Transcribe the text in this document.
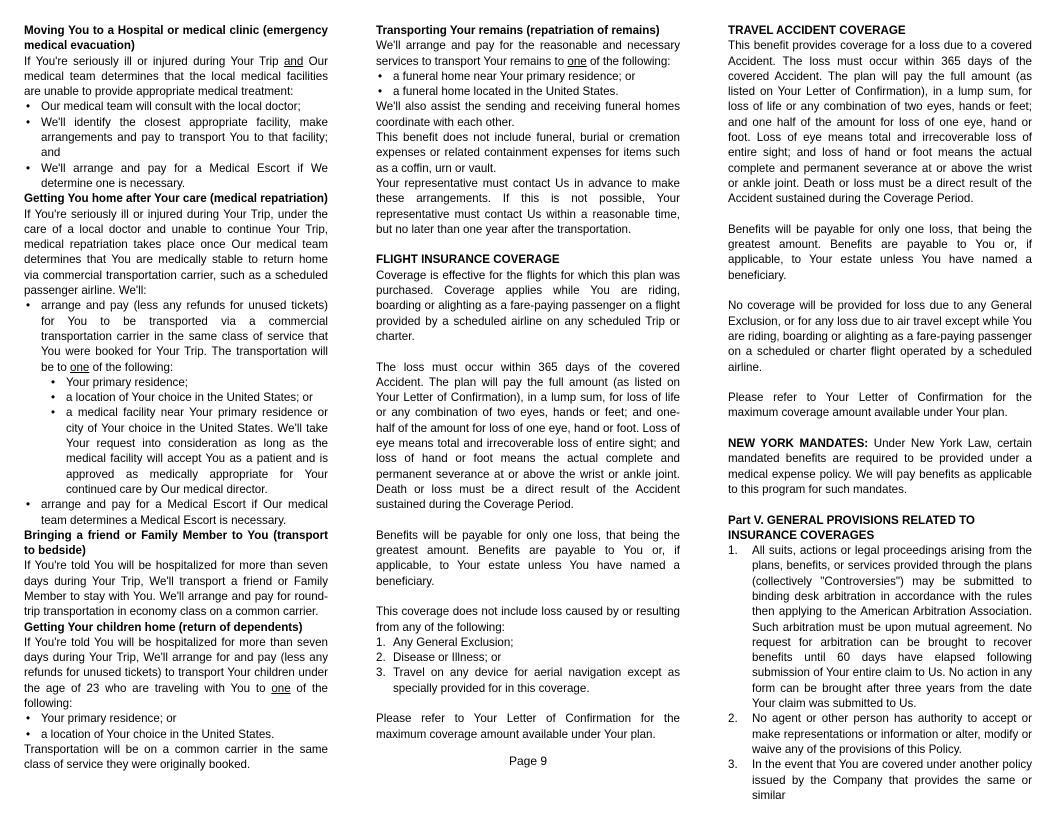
Moving You to a Hospital or medical clinic (emergency medical evacuation)

If You're seriously ill or injured during Your Trip and Our medical team determines that the local medical facilities are unable to provide appropriate medical treatment:

• Our medical team will consult with the local doctor;
• We'll identify the closest appropriate facility, make arrangements and pay to transport You to that facility; and
• We'll arrange and pay for a Medical Escort if We determine one is necessary.

Getting You home after Your care (medical repatriation)

If You're seriously ill or injured during Your Trip, under the care of a local doctor and unable to continue Your Trip, medical repatriation takes place once Our medical team determines that You are medically stable to return home via commercial transportation carrier, such as a scheduled passenger airline. We'll:

• arrange and pay (less any refunds for unused tickets) for You to be transported via a commercial transportation carrier in the same class of service that You were booked for Your Trip. The transportation will be to one of the following:
• Your primary residence;
• a location of Your choice in the United States; or
• a medical facility near Your primary residence or city of Your choice in the United States. We'll take Your request into consideration as long as the medical facility will accept You as a patient and is approved as medically appropriate for Your continued care by Our medical director.
• arrange and pay for a Medical Escort if Our medical team determines a Medical Escort is necessary.

Bringing a friend or Family Member to You (transport to bedside)

If You're told You will be hospitalized for more than seven days during Your Trip, We'll transport a friend or Family Member to stay with You. We'll arrange and pay for round-trip transportation in economy class on a common carrier.

Getting Your children home (return of dependents)

If You're told You will be hospitalized for more than seven days during Your Trip, We'll arrange for and pay (less any refunds for unused tickets) to transport Your children under the age of 23 who are traveling with You to one of the following:

• Your primary residence; or
• a location of Your choice in the United States.

Transportation will be on a common carrier in the same class of service they were originally booked.

Transporting Your remains (repatriation of remains)

We'll arrange and pay for the reasonable and necessary services to transport Your remains to one of the following:

• a funeral home near Your primary residence; or
• a funeral home located in the United States.

We'll also assist the sending and receiving funeral homes coordinate with each other.

This benefit does not include funeral, burial or cremation expenses or related containment expenses for items such as a coffin, urn or vault.

Your representative must contact Us in advance to make these arrangements. If this is not possible, Your representative must contact Us within a reasonable time, but no later than one year after the transportation.

FLIGHT INSURANCE COVERAGE

Coverage is effective for the flights for which this plan was purchased. Coverage applies while You are riding, boarding or alighting as a fare-paying passenger on a flight provided by a scheduled airline on any scheduled Trip or charter.

The loss must occur within 365 days of the covered Accident. The plan will pay the full amount (as listed on Your Letter of Confirmation), in a lump sum, for loss of life or any combination of two eyes, hands or feet; and one-half of the amount for loss of one eye, hand or foot. Loss of eye means total and irrecoverable loss of entire sight; and loss of hand or foot means the actual complete and permanent severance at or above the wrist or ankle joint. Death or loss must be a direct result of the Accident sustained during the Coverage Period.

Benefits will be payable for only one loss, that being the greatest amount. Benefits are payable to You or, if applicable, to Your estate unless You have named a beneficiary.

This coverage does not include loss caused by or resulting from any of the following:

1. Any General Exclusion;
2. Disease or Illness; or
3. Travel on any device for aerial navigation except as specially provided for in this coverage.

Please refer to Your Letter of Confirmation for the maximum coverage amount available under Your plan.

TRAVEL ACCIDENT COVERAGE

This benefit provides coverage for a loss due to a covered Accident. The loss must occur within 365 days of the covered Accident. The plan will pay the full amount (as listed on Your Letter of Confirmation), in a lump sum, for loss of life or any combination of two eyes, hands or feet; and one half of the amount for loss of one eye, hand or foot. Loss of eye means total and irrecoverable loss of entire sight; and loss of hand or foot means the actual complete and permanent severance at or above the wrist or ankle joint. Death or loss must be a direct result of the Accident sustained during the Coverage Period.

Benefits will be payable for only one loss, that being the greatest amount. Benefits are payable to You or, if applicable, to Your estate unless You have named a beneficiary.

No coverage will be provided for loss due to any General Exclusion, or for any loss due to air travel except while You are riding, boarding or alighting as a fare-paying passenger on a scheduled or charter flight operated by a scheduled airline.

Please refer to Your Letter of Confirmation for the maximum coverage amount available under Your plan.

NEW YORK MANDATES: Under New York Law, certain mandated benefits are required to be provided under a medical expense policy. We will pay benefits as applicable to this program for such mandates.

Part V. GENERAL PROVISIONS RELATED TO INSURANCE COVERAGES

1. All suits, actions or legal proceedings arising from the plans, benefits, or services provided through the plans (collectively "Controversies") may be submitted to binding desk arbitration in accordance with the rules then applying to the American Arbitration Association. Such arbitration must be upon mutual agreement. No request for arbitration can be brought to recover benefits until 60 days have elapsed following submission of Your entire claim to Us. No action in any form can be brought after three years from the date Your claim was submitted to Us.
2. No agent or other person has authority to accept or make representations or information or alter, modify or waive any of the provisions of this Policy.
3. In the event that You are covered under another policy issued by the Company that provides the same or similar
Page 9
